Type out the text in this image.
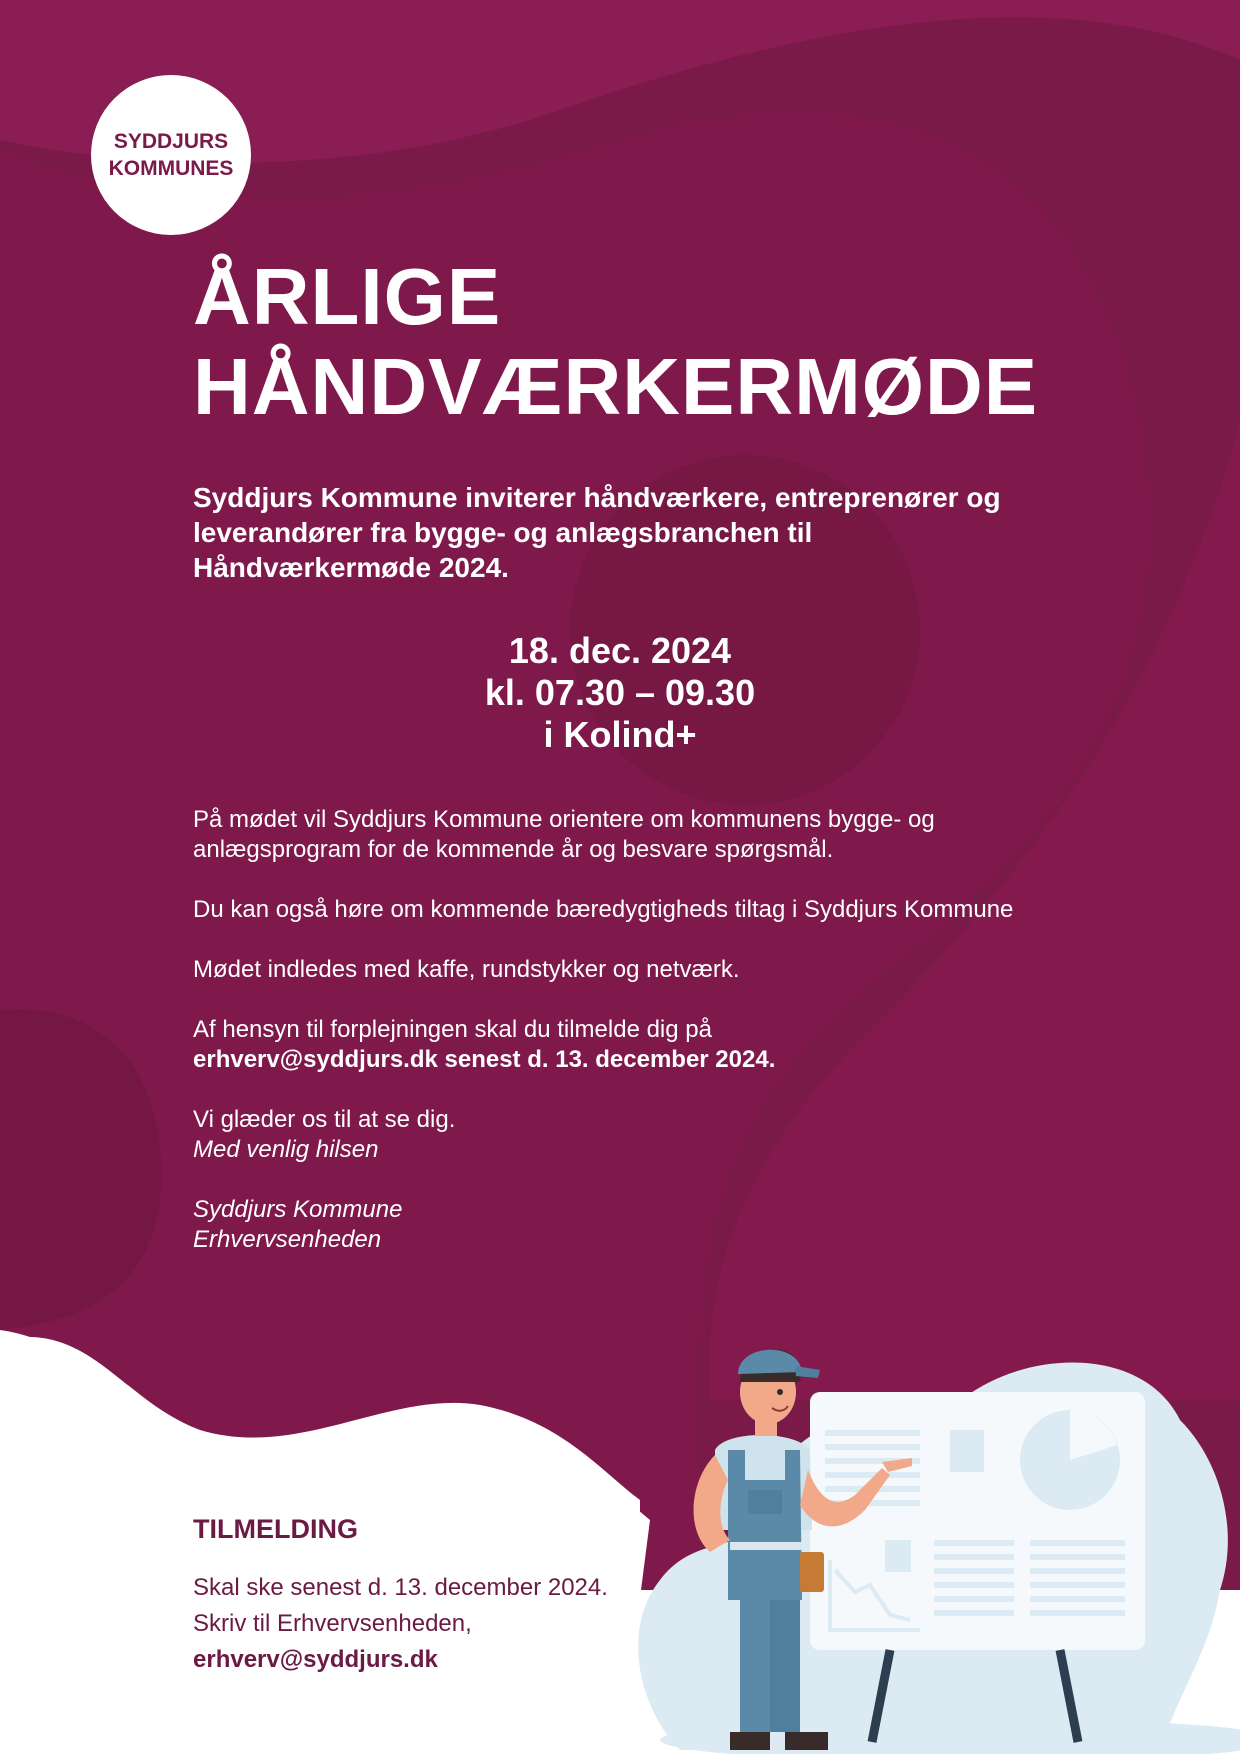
SYDDJURS
KOMMUNES
ÅRLIGE
HÅNDVÆRKERMØDE

Syddjurs Kommune inviterer håndværkere, entreprenører og leverandører fra bygge- og anlægsbranchen til Håndværkermøde 2024.

18. dec. 2024
kl. 07.30 – 09.30
i Kolind+

På mødet vil Syddjurs Kommune orientere om kommunens bygge- og anlægsprogram for de kommende år og besvare spørgsmål.

Du kan også høre om kommende bæredygtigheds tiltag i Syddjurs Kommune

Mødet indledes med kaffe, rundstykker og netværk.

Af hensyn til forplejningen skal du tilmelde dig på
erhverv@syddjurs.dk senest d. 13. december 2024.

Vi glæder os til at se dig.
Med venlig hilsen

Syddjurs Kommune
Erhvervsenheden

TILMELDING
Skal ske senest d. 13. december 2024.
Skriv til Erhvervsenheden,
erhverv@syddjurs.dk
